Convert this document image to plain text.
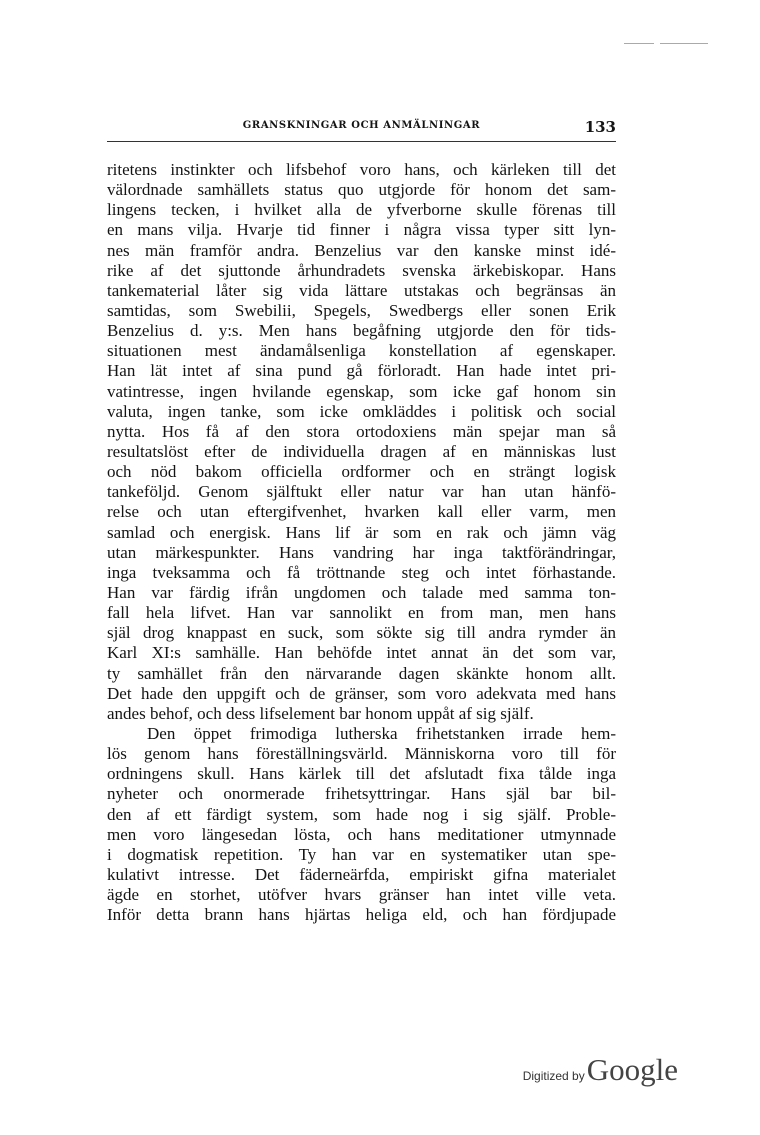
GRANSKNINGAR OCH ANMÄLNINGAR	133
ritetens instinkter och lifsbehof voro hans, och kärleken till det
välordnade samhällets status quo utgjorde för honom det sam-
lingens tecken, i hvilket alla de yfverborne skulle förenas till
en mans vilja. Hvarje tid finner i några vissa typer sitt lyn-
nes män framför andra. Benzelius var den kanske minst idé-
rike af det sjuttonde århundradets svenska ärkebiskopar. Hans
tankematerial låter sig vida lättare utstakas och begränsas än
samtidas, som Swebilii, Spegels, Swedbergs eller sonen Erik
Benzelius d. y:s. Men hans begåfning utgjorde den för tids-
situationen mest ändamålsenliga konstellation af egenskaper.
Han lät intet af sina pund gå förloradt. Han hade intet pri-
vatintresse, ingen hvilande egenskap, som icke gaf honom sin
valuta, ingen tanke, som icke omkläddes i politisk och social
nytta. Hos få af den stora ortodoxiens män spejar man så
resultatslöst efter de individuella dragen af en människas lust
och nöd bakom officiella ordformer och en strängt logisk
tankeföljd. Genom själftukt eller natur var han utan hänfö-
relse och utan eftergifvenhet, hvarken kall eller varm, men
samlad och energisk. Hans lif är som en rak och jämn väg
utan märkespunkter. Hans vandring har inga taktförändringar,
inga tveksamma och få tröttnande steg och intet förhastande.
Han var färdig ifrån ungdomen och talade med samma ton-
fall hela lifvet. Han var sannolikt en from man, men hans
själ drog knappast en suck, som sökte sig till andra rymder än
Karl XI:s samhälle. Han behöfde intet annat än det som var,
ty samhället från den närvarande dagen skänkte honom allt.
Det hade den uppgift och de gränser, som voro adekvata med hans
andes behof, och dess lifselement bar honom uppåt af sig själf.
Den öppet frimodiga lutherska frihetstanken irrade hem-
lös genom hans föreställningsvärld. Människorna voro till för
ordningens skull. Hans kärlek till det afslutadt fixa tålde inga
nyheter och onormerade frihetsyttringar. Hans själ bar bil-
den af ett färdigt system, som hade nog i sig själf. Proble-
men voro längesedan lösta, och hans meditationer utmynnade
i dogmatisk repetition. Ty han var en systematiker utan spe-
kulativt intresse. Det fäderneärfda, empiriskt gifna materialet
ägde en storhet, utöfver hvars gränser han intet ville veta.
Inför detta brann hans hjärtas heliga eld, och han fördjupade
Digitized by Google
